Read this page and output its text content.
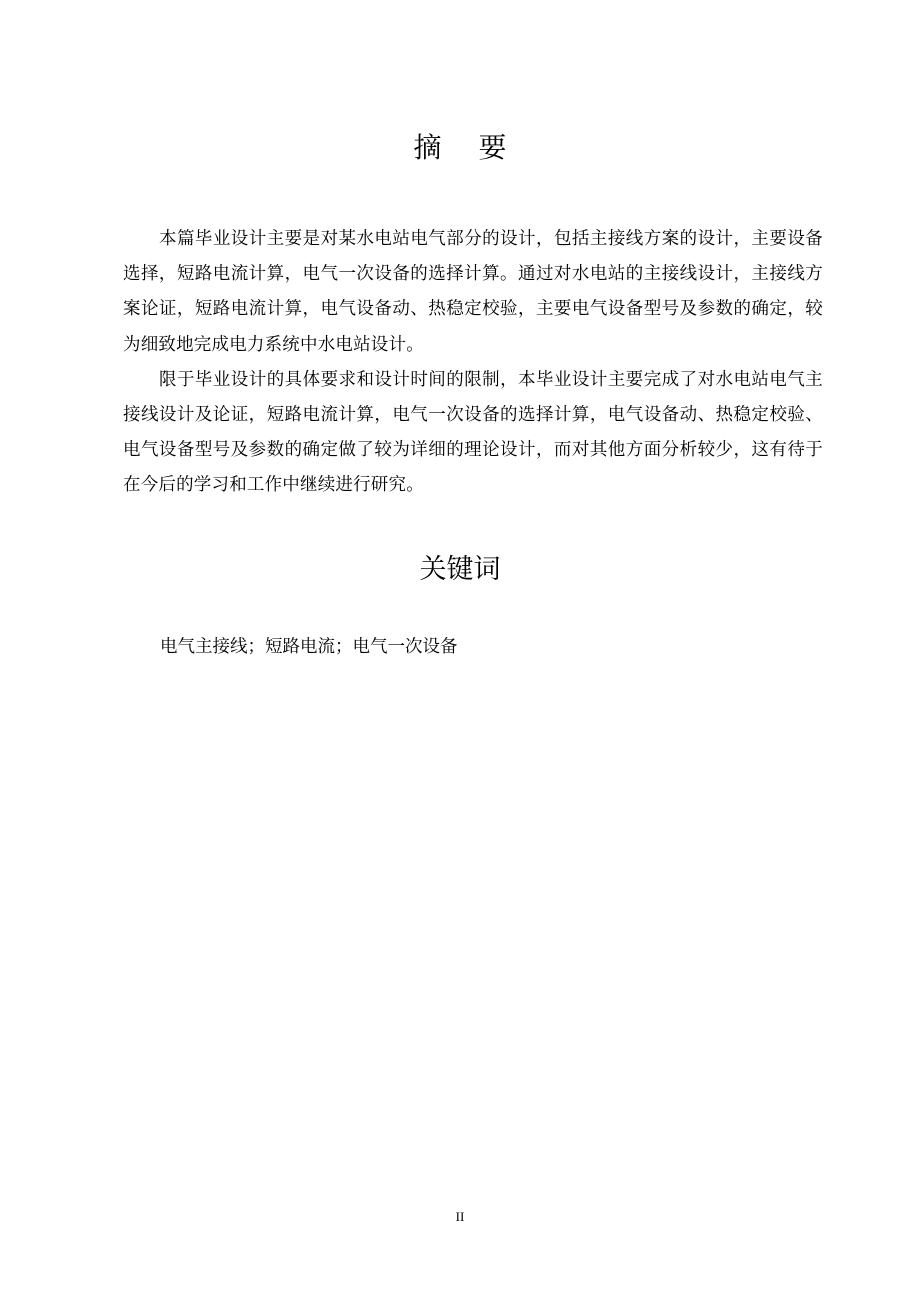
摘 要

本篇毕业设计主要是对某水电站电气部分的设计，包括主接线方案的设计，主要设备选择，短路电流计算，电气一次设备的选择计算。通过对水电站的主接线设计，主接线方案论证，短路电流计算，电气设备动、热稳定校验，主要电气设备型号及参数的确定，较为细致地完成电力系统中水电站设计。

限于毕业设计的具体要求和设计时间的限制，本毕业设计主要完成了对水电站电气主接线设计及论证，短路电流计算，电气一次设备的选择计算，电气设备动、热稳定校验、电气设备型号及参数的确定做了较为详细的理论设计，而对其他方面分析较少，这有待于在今后的学习和工作中继续进行研究。

关键词
电气主接线；短路电流；电气一次设备
II
